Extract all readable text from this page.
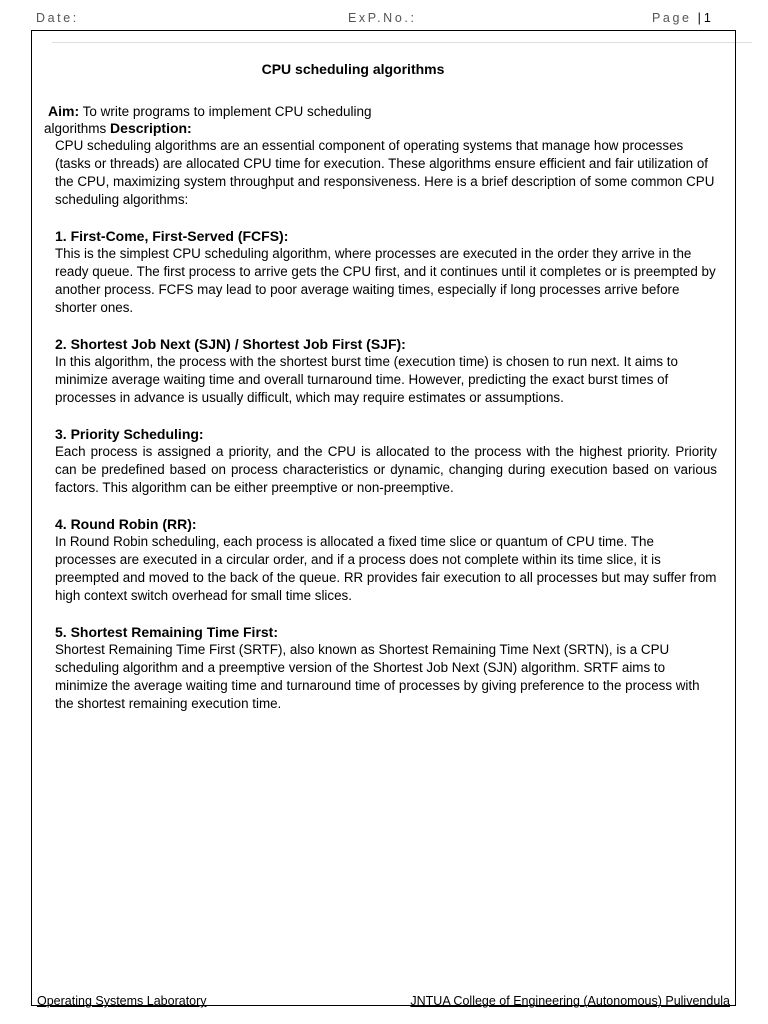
Date:	ExP.No.:	Page | 1
CPU scheduling algorithms
Aim: To write programs to implement CPU scheduling
algorithms Description:

CPU scheduling algorithms are an essential component of operating systems that manage how processes (tasks or threads) are allocated CPU time for execution. These algorithms ensure efficient and fair utilization of the CPU, maximizing system throughput and responsiveness. Here is a brief description of some common CPU scheduling algorithms:

1. First-Come, First-Served (FCFS):

This is the simplest CPU scheduling algorithm, where processes are executed in the order they arrive in the ready queue. The first process to arrive gets the CPU first, and it continues until it completes or is preempted by another process. FCFS may lead to poor average waiting times, especially if long processes arrive before shorter ones.

2. Shortest Job Next (SJN) / Shortest Job First (SJF):

In this algorithm, the process with the shortest burst time (execution time) is chosen to run next. It aims to minimize average waiting time and overall turnaround time. However, predicting the exact burst times of processes in advance is usually difficult, which may require estimates or assumptions.

3. Priority Scheduling:

Each process is assigned a priority, and the CPU is allocated to the process with the highest priority. Priority can be predefined based on process characteristics or dynamic, changing during execution based on various factors. This algorithm can be either preemptive or non-preemptive.

4. Round Robin (RR):

In Round Robin scheduling, each process is allocated a fixed time slice or quantum of CPU time. The processes are executed in a circular order, and if a process does not complete within its time slice, it is preempted and moved to the back of the queue. RR provides fair execution to all processes but may suffer from high context switch overhead for small time slices.

5. Shortest Remaining Time First:

Shortest Remaining Time First (SRTF), also known as Shortest Remaining Time Next (SRTN), is a CPU scheduling algorithm and a preemptive version of the Shortest Job Next (SJN) algorithm. SRTF aims to minimize the average waiting time and turnaround time of processes by giving preference to the process with the shortest remaining execution time.

Operating Systems Laboratory	JNTUA College of Engineering (Autonomous) Pulivendula
